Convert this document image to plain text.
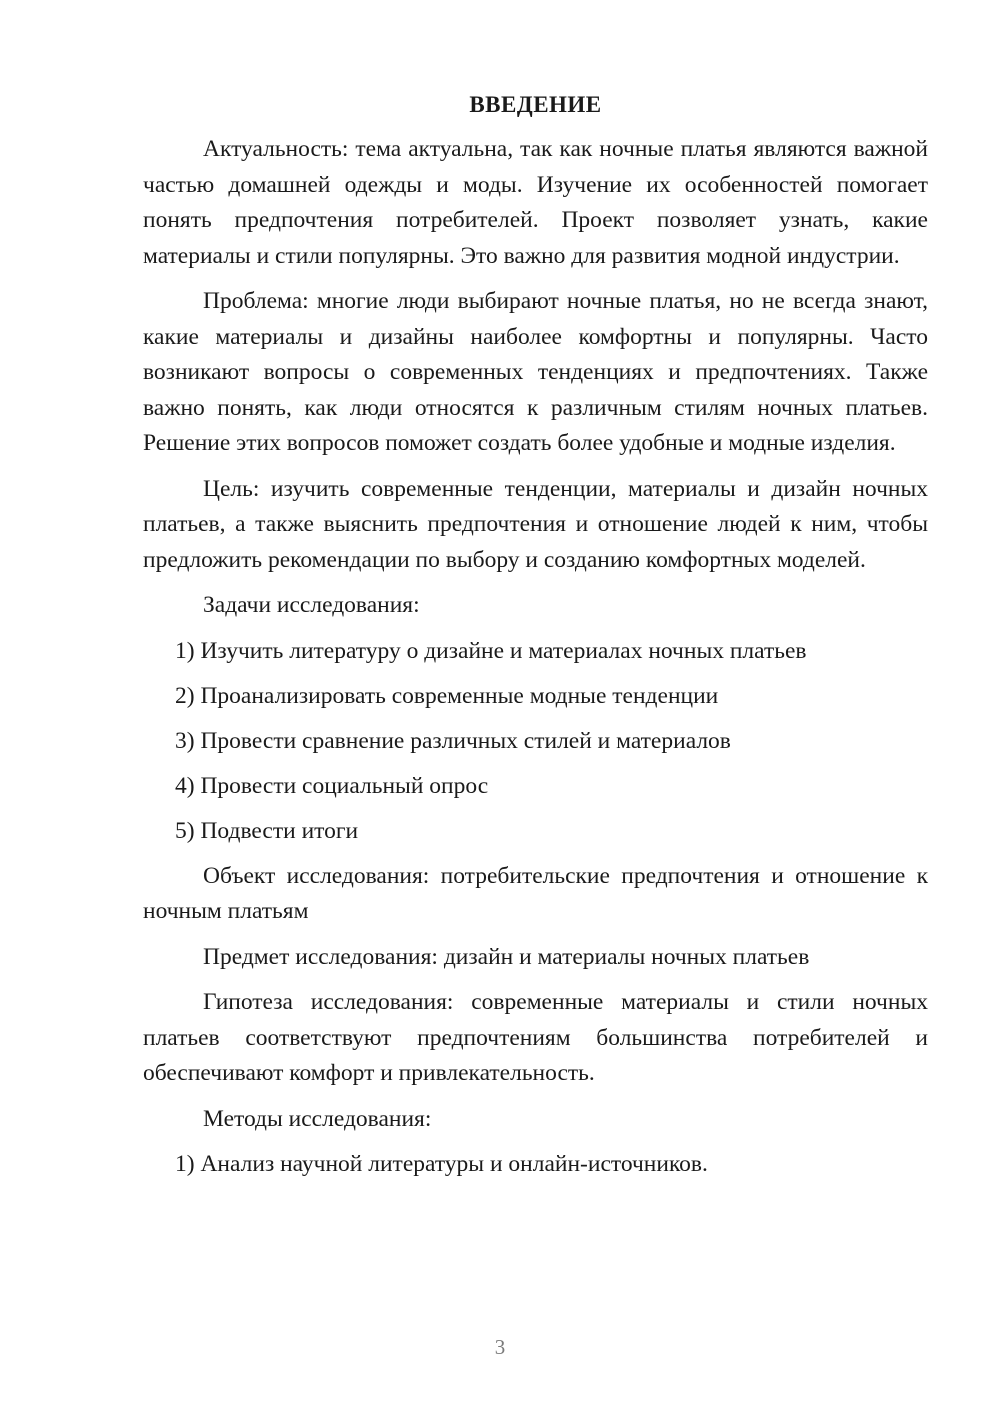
ВВЕДЕНИЕ

Актуальность: тема актуальна, так как ночные платья являются важной частью домашней одежды и моды. Изучение их особенностей помогает понять предпочтения потребителей. Проект позволяет узнать, какие материалы и стили популярны. Это важно для развития модной индустрии.

Проблема: многие люди выбирают ночные платья, но не всегда знают, какие материалы и дизайны наиболее комфортны и популярны. Часто возникают вопросы о современных тенденциях и предпочтениях. Также важно понять, как люди относятся к различным стилям ночных платьев. Решение этих вопросов поможет создать более удобные и модные изделия.

Цель: изучить современные тенденции, материалы и дизайн ночных платьев, а также выяснить предпочтения и отношение людей к ним, чтобы предложить рекомендации по выбору и созданию комфортных моделей.

Задачи исследования:

1) Изучить литературу о дизайне и материалах ночных платьев
2) Проанализировать современные модные тенденции
3) Провести сравнение различных стилей и материалов
4) Провести социальный опрос
5) Подвести итоги

Объект исследования: потребительские предпочтения и отношение к ночным платьям

Предмет исследования: дизайн и материалы ночных платьев

Гипотеза исследования: современные материалы и стили ночных платьев соответствуют предпочтениям большинства потребителей и обеспечивают комфорт и привлекательность.

Методы исследования:

1) Анализ научной литературы и онлайн-источников.
3
